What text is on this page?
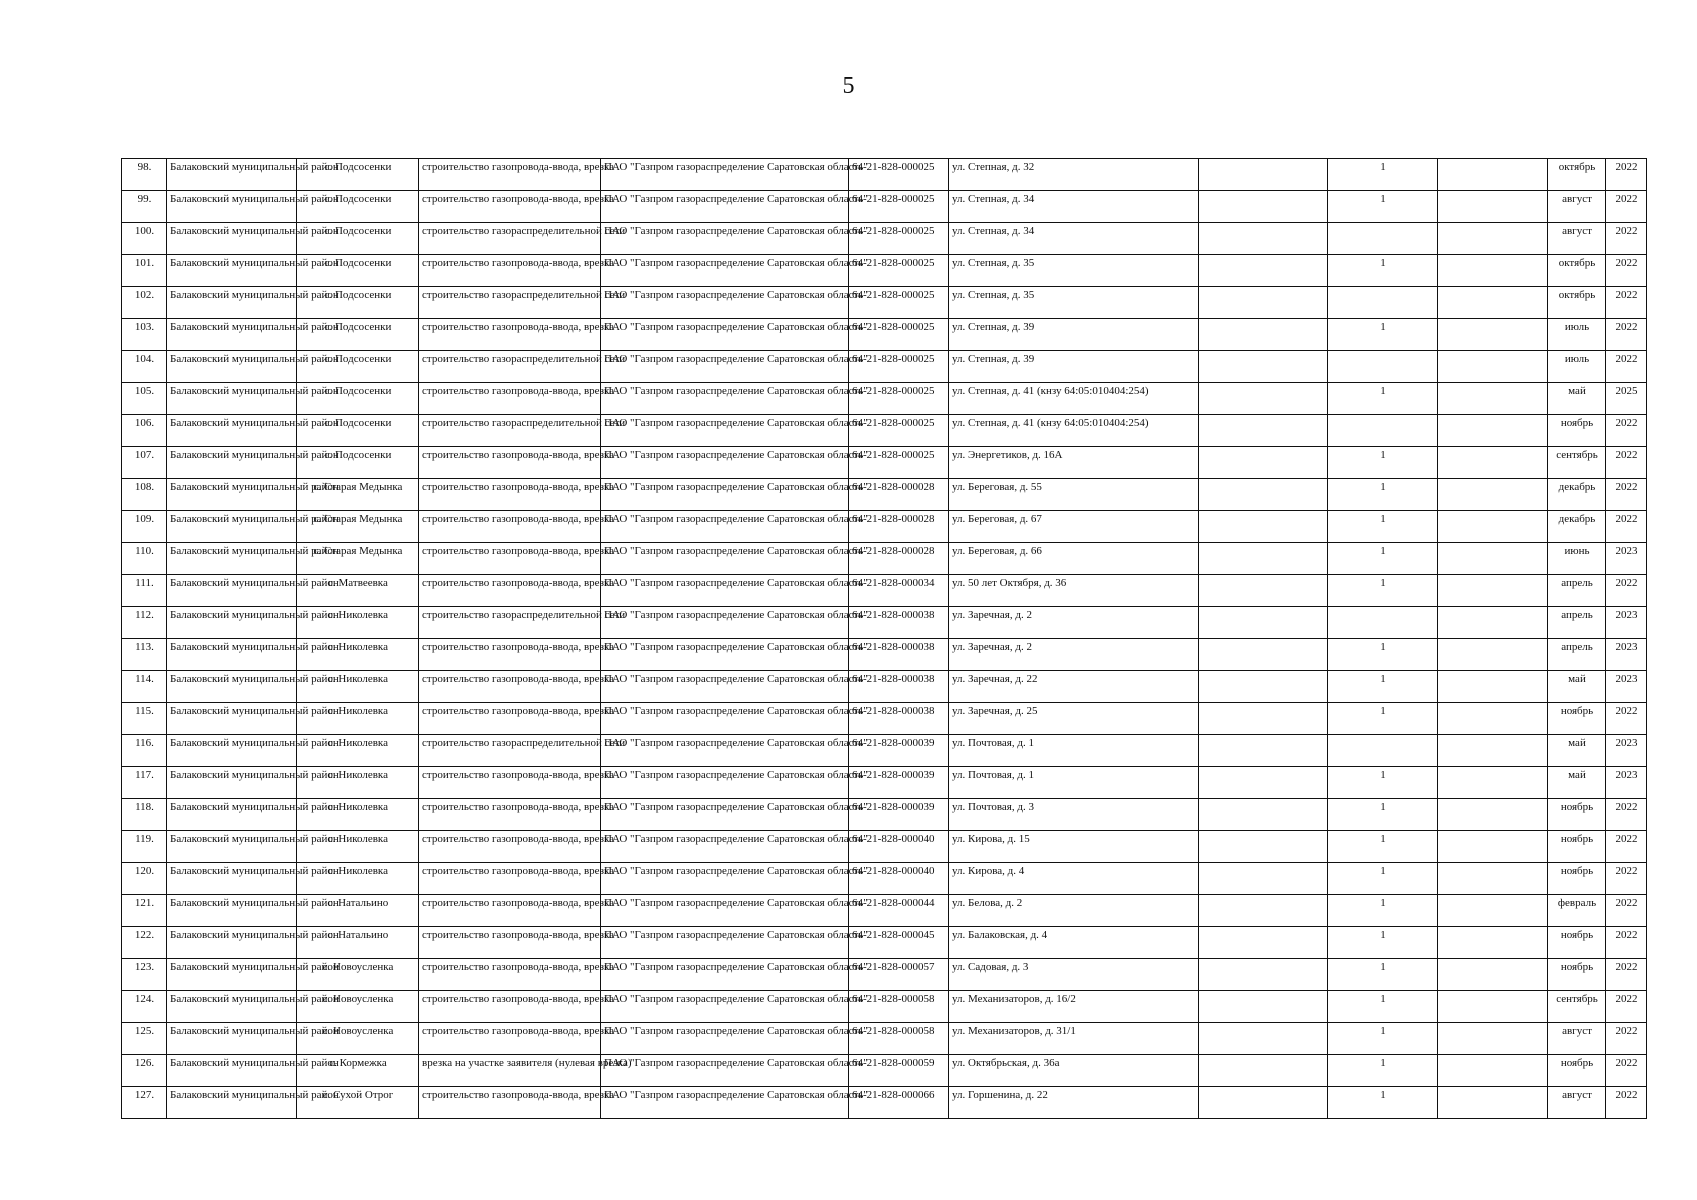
5
98.	Балаковский муниципальный район	с. Подсосенки	строительство газопровода-ввода, врезка	ПАО "Газпром газораспределение Саратовская область"	64-21-828-000025	ул. Степная, д. 32		1		октябрь	2022
99.	Балаковский муниципальный район	с. Подсосенки	строительство газопровода-ввода, врезка	ПАО "Газпром газораспределение Саратовская область"	64-21-828-000025	ул. Степная, д. 34		1		август	2022
100.	Балаковский муниципальный район	с. Подсосенки	строительство газораспределительной сети	ПАО "Газпром газораспределение Саратовская область"	64-21-828-000025	ул. Степная, д. 34				август	2022
101.	Балаковский муниципальный район	с. Подсосенки	строительство газопровода-ввода, врезка	ПАО "Газпром газораспределение Саратовская область"	64-21-828-000025	ул. Степная, д. 35		1		октябрь	2022
102.	Балаковский муниципальный район	с. Подсосенки	строительство газораспределительной сети	ПАО "Газпром газораспределение Саратовская область"	64-21-828-000025	ул. Степная, д. 35				октябрь	2022
103.	Балаковский муниципальный район	с. Подсосенки	строительство газопровода-ввода, врезка	ПАО "Газпром газораспределение Саратовская область"	64-21-828-000025	ул. Степная, д. 39		1		июль	2022
104.	Балаковский муниципальный район	с. Подсосенки	строительство газораспределительной сети	ПАО "Газпром газораспределение Саратовская область"	64-21-828-000025	ул. Степная, д. 39				июль	2022
105.	Балаковский муниципальный район	с. Подсосенки	строительство газопровода-ввода, врезка	ПАО "Газпром газораспределение Саратовская область"	64-21-828-000025	ул. Степная, д. 41 (кнзу 64:05:010404:254)		1		май	2025
106.	Балаковский муниципальный район	с. Подсосенки	строительство газораспределительной сети	ПАО "Газпром газораспределение Саратовская область"	64-21-828-000025	ул. Степная, д. 41 (кнзу 64:05:010404:254)				ноябрь	2022
107.	Балаковский муниципальный район	с. Подсосенки	строительство газопровода-ввода, врезка	ПАО "Газпром газораспределение Саратовская область"	64-21-828-000025	ул. Энергетиков, д. 16А		1		сентябрь	2022
108.	Балаковский муниципальный район	с. Старая Медынка	строительство газопровода-ввода, врезка	ПАО "Газпром газораспределение Саратовская область"	64-21-828-000028	ул. Береговая, д. 55		1		декабрь	2022
109.	Балаковский муниципальный район	с. Старая Медынка	строительство газопровода-ввода, врезка	ПАО "Газпром газораспределение Саратовская область"	64-21-828-000028	ул. Береговая, д. 67		1		декабрь	2022
110.	Балаковский муниципальный район	с. Старая Медынка	строительство газопровода-ввода, врезка	ПАО "Газпром газораспределение Саратовская область"	64-21-828-000028	ул. Береговая, д. 66		1		июнь	2023
111.	Балаковский муниципальный район	с. Матвеевка	строительство газопровода-ввода, врезка	ПАО "Газпром газораспределение Саратовская область"	64-21-828-000034	ул. 50 лет Октября, д. 36		1		апрель	2022
112.	Балаковский муниципальный район	с. Николевка	строительство газораспределительной сети	ПАО "Газпром газораспределение Саратовская область"	64-21-828-000038	ул. Заречная, д. 2				апрель	2023
113.	Балаковский муниципальный район	с. Николевка	строительство газопровода-ввода, врезка	ПАО "Газпром газораспределение Саратовская область"	64-21-828-000038	ул. Заречная, д. 2		1		апрель	2023
114.	Балаковский муниципальный район	с. Николевка	строительство газопровода-ввода, врезка	ПАО "Газпром газораспределение Саратовская область"	64-21-828-000038	ул. Заречная, д. 22		1		май	2023
115.	Балаковский муниципальный район	с. Николевка	строительство газопровода-ввода, врезка	ПАО "Газпром газораспределение Саратовская область"	64-21-828-000038	ул. Заречная, д. 25		1		ноябрь	2022
116.	Балаковский муниципальный район	с. Николевка	строительство газораспределительной сети	ПАО "Газпром газораспределение Саратовская область"	64-21-828-000039	ул. Почтовая, д. 1				май	2023
117.	Балаковский муниципальный район	с. Николевка	строительство газопровода-ввода, врезка	ПАО "Газпром газораспределение Саратовская область"	64-21-828-000039	ул. Почтовая, д. 1		1		май	2023
118.	Балаковский муниципальный район	с. Николевка	строительство газопровода-ввода, врезка	ПАО "Газпром газораспределение Саратовская область"	64-21-828-000039	ул. Почтовая, д. 3		1		ноябрь	2022
119.	Балаковский муниципальный район	с. Николевка	строительство газопровода-ввода, врезка	ПАО "Газпром газораспределение Саратовская область"	64-21-828-000040	ул. Кирова, д. 15		1		ноябрь	2022
120.	Балаковский муниципальный район	с. Николевка	строительство газопровода-ввода, врезка	ПАО "Газпром газораспределение Саратовская область"	64-21-828-000040	ул. Кирова, д. 4		1		ноябрь	2022
121.	Балаковский муниципальный район	с. Натальино	строительство газопровода-ввода, врезка	ПАО "Газпром газораспределение Саратовская область"	64-21-828-000044	ул. Белова, д. 2		1		февраль	2022
122.	Балаковский муниципальный район	с. Натальино	строительство газопровода-ввода, врезка	ПАО "Газпром газораспределение Саратовская область"	64-21-828-000045	ул. Балаковская, д. 4		1		ноябрь	2022
123.	Балаковский муниципальный район	с. Новоусленка	строительство газопровода-ввода, врезка	ПАО "Газпром газораспределение Саратовская область"	64-21-828-000057	ул. Садовая, д. 3		1		ноябрь	2022
124.	Балаковский муниципальный район	с. Новоусленка	строительство газопровода-ввода, врезка	ПАО "Газпром газораспределение Саратовская область"	64-21-828-000058	ул. Механизаторов, д. 16/2		1		сентябрь	2022
125.	Балаковский муниципальный район	с. Новоусленка	строительство газопровода-ввода, врезка	ПАО "Газпром газораспределение Саратовская область"	64-21-828-000058	ул. Механизаторов, д. 31/1		1		август	2022
126.	Балаковский муниципальный район	с. Кормежка	врезка на участке заявителя (нулевая врезка)	ПАО "Газпром газораспределение Саратовская область"	64-21-828-000059	ул. Октябрьская, д. 36а		1		ноябрь	2022
127.	Балаковский муниципальный район	с. Сухой Отрог	строительство газопровода-ввода, врезка	ПАО "Газпром газораспределение Саратовская область"	64-21-828-000066	ул. Горшенина, д. 22		1		август	2022
